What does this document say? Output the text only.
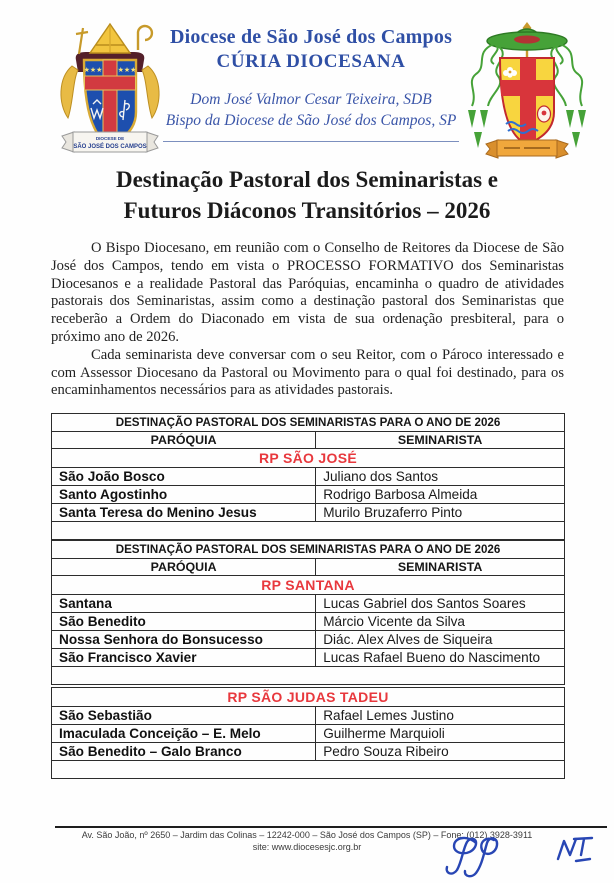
★★★ ★★★
DIOCESE DE
SÃO JOSÉ DOS CAMPOS
Diocese de São José dos Campos
CÚRIA DIOCESANA
Dom José Valmor Cesar Teixeira, SDB
Bispo da Diocese de São José dos Campos, SP
Destinação Pastoral dos Seminaristas e
Futuros Diáconos Transitórios – 2026

O Bispo Diocesano, em reunião com o Conselho de Reitores da Diocese de São José dos Campos, tendo em vista o PROCESSO FORMATIVO dos Seminaristas Diocesanos e a realidade Pastoral das Paróquias, encaminha o quadro de atividades pastorais dos Seminaristas, assim como a destinação pastoral dos Seminaristas que receberão a Ordem do Diaconado em vista de sua ordenação presbiteral, para o próximo ano de 2026.

Cada seminarista deve conversar com o seu Reitor, com o Pároco interessado e com Assessor Diocesano da Pastoral ou Movimento para o qual foi destinado, para os encaminhamentos necessários para as atividades pastorais.

DESTINAÇÃO PASTORAL DOS SEMINARISTAS PARA O ANO DE 2026	
PARÓQUIA	SEMINARISTA
RP SÃO JOSÉ	
São João Bosco	Juliano dos Santos
Santo Agostinho	Rodrigo Barbosa Almeida
Santa Teresa do Menino Jesus	Murilo Bruzaferro Pinto

DESTINAÇÃO PASTORAL DOS SEMINARISTAS PARA O ANO DE 2026	
PARÓQUIA	SEMINARISTA
RP SANTANA	
Santana	Lucas Gabriel dos Santos Soares
São Benedito	Márcio Vicente da Silva
Nossa Senhora do Bonsucesso	Diác. Alex Alves de Siqueira
São Francisco Xavier	Lucas Rafael Bueno do Nascimento

RP SÃO JUDAS TADEU	
São Sebastião	Rafael Lemes Justino
Imaculada Conceição – E. Melo	Guilherme Marquioli
São Benedito – Galo Branco	Pedro Souza Ribeiro

Av. São João, nº 2650 – Jardim das Colinas – 12242-000 – São José dos Campos (SP) – Fone: (012) 3928-3911
site: www.diocesesjc.org.br
